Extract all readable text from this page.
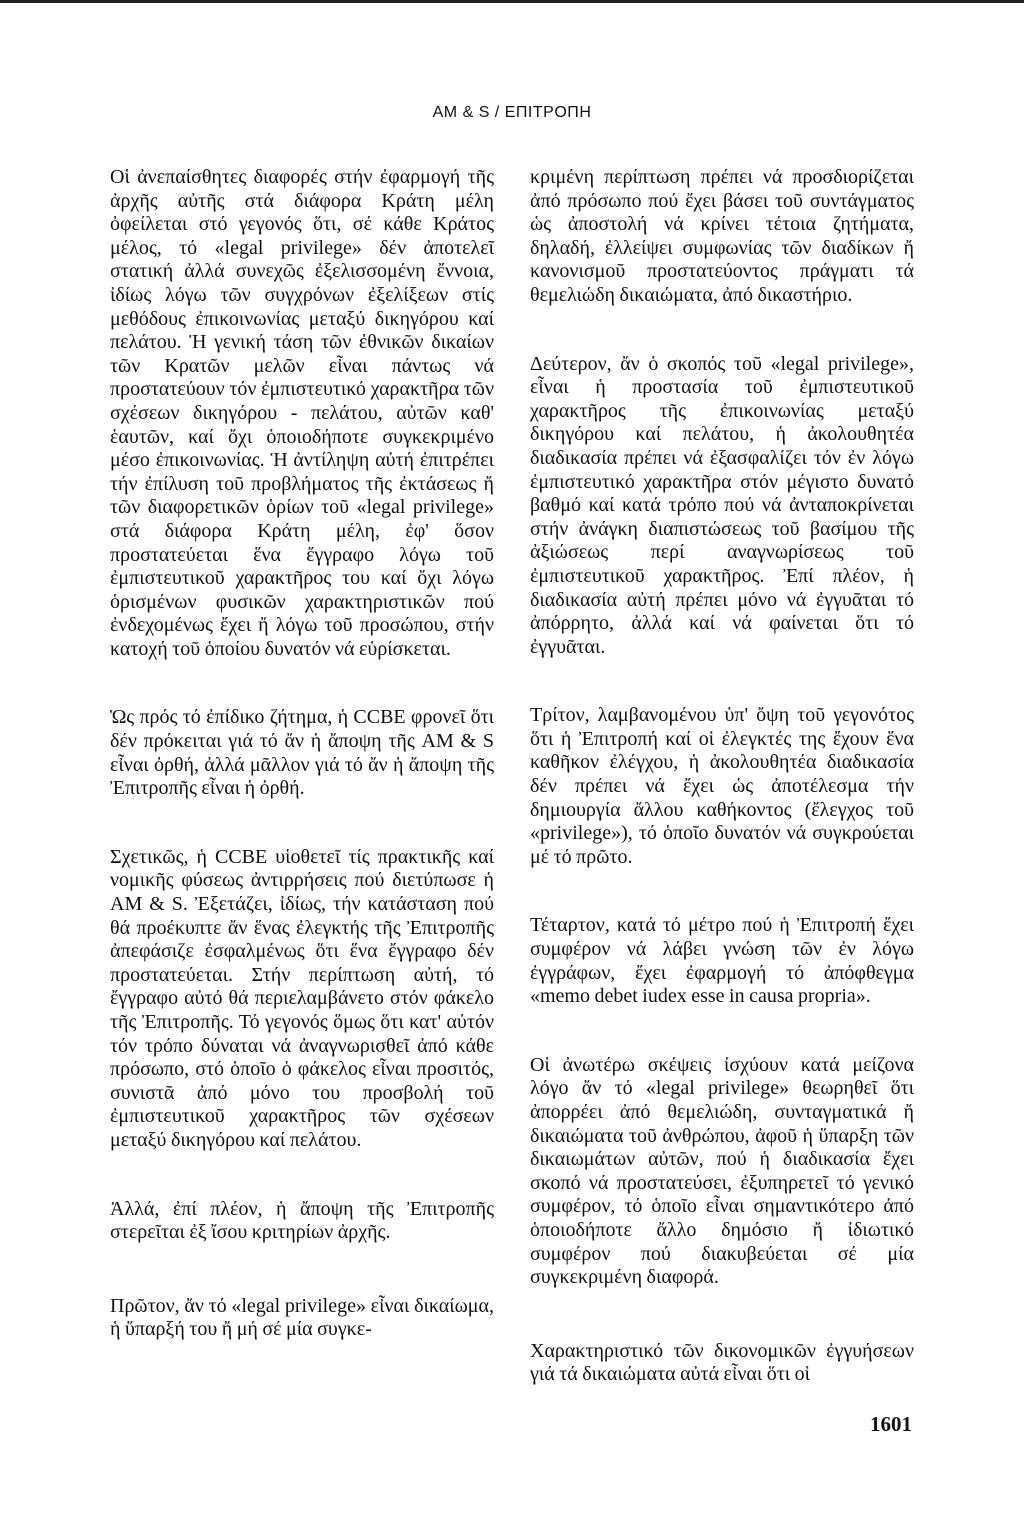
AM & S / ΕΠΙΤΡΟΠΗ

Οἱ ἀνεπαίσθητες διαφορές στήν ἐφαρμογή τῆς ἀρχῆς αὐτῆς στά διάφορα Κράτη μέλη ὀφείλεται στό γεγονός ὅτι, σέ κάθε Κράτος μέλος, τό «legal privilege» δέν ἀποτελεῖ στατική ἀλλά συνεχῶς ἐξελισσομένη ἔννοια, ἰδίως λόγω τῶν συγχρόνων ἐξελίξεων στίς μεθόδους ἐπικοινωνίας μεταξύ δικηγόρου καί πελάτου. Ἡ γενική τάση τῶν ἐθνικῶν δικαίων τῶν Κρατῶν μελῶν εἶναι πάντως νά προστατεύουν τόν ἐμπιστευτικό χαρακτῆρα τῶν σχέσεων δικηγόρου - πελάτου, αὐτῶν καθ' ἑαυτῶν, καί ὄχι ὁποιοδήποτε συγκεκριμένο μέσο ἐπικοινωνίας. Ἡ ἀντίληψη αὐτή ἐπιτρέπει τήν ἐπίλυση τοῦ προβλήματος τῆς ἐκτάσεως ἤ τῶν διαφορετικῶν ὁρίων τοῦ «legal privilege» στά διάφορα Κράτη μέλη, ἐφ' ὅσον προστατεύεται ἕνα ἔγγραφο λόγω τοῦ ἐμπιστευτικοῦ χαρακτῆρος του καί ὄχι λόγω ὁρισμένων φυσικῶν χαρακτηριστικῶν πού ἐνδεχομένως ἔχει ἤ λόγω τοῦ προσώπου, στήν κατοχή τοῦ ὁποίου δυνατόν νά εὑρίσκεται.

Ὡς πρός τό ἐπίδικο ζήτημα, ἡ CCBE φρονεῖ ὅτι δέν πρόκειται γιά τό ἄν ἡ ἄποψη τῆς AM & S εἶναι ὀρθή, ἀλλά μᾶλλον γιά τό ἄν ἡ ἄποψη τῆς Ἐπιτροπῆς εἶναι ἡ ὀρθή.

Σχετικῶς, ἡ CCBE υἱοθετεῖ τίς πρακτικῆς καί νομικῆς φύσεως ἀντιρρήσεις πού διετύπωσε ἡ AM & S. Ἐξετάζει, ἰδίως, τήν κατάσταση πού θά προέκυπτε ἄν ἕνας ἐλεγκτής τῆς Ἐπιτροπῆς ἀπεφάσιζε ἐσφαλμένως ὅτι ἕνα ἔγγραφο δέν προστατεύεται. Στήν περίπτωση αὐτή, τό ἔγγραφο αὐτό θά περιελαμβάνετο στόν φάκελο τῆς Ἐπιτροπῆς. Τό γεγονός ὅμως ὅτι κατ' αὐτόν τόν τρόπο δύναται νά ἀναγνωρισθεῖ ἀπό κάθε πρόσωπο, στό ὁποῖο ὁ φάκελος εἶναι προσιτός, συνιστᾶ ἀπό μόνο του προσβολή τοῦ ἐμπιστευτικοῦ χαρακτῆρος τῶν σχέσεων μεταξύ δικηγόρου καί πελάτου.

Ἀλλά, ἐπί πλέον, ἡ ἄποψη τῆς Ἐπιτροπῆς στερεῖται ἐξ ἴσου κριτηρίων ἀρχῆς.

Πρῶτον, ἄν τό «legal privilege» εἶναι δικαίωμα, ἡ ὕπαρξή του ἤ μή σέ μία συγκε-

κριμένη περίπτωση πρέπει νά προσδιορίζεται ἀπό πρόσωπο πού ἔχει βάσει τοῦ συντάγματος ὡς ἀποστολή νά κρίνει τέτοια ζητήματα, δηλαδή, ἐλλείψει συμφωνίας τῶν διαδίκων ἤ κανονισμοῦ προστατεύοντος πράγματι τά θεμελιώδη δικαιώματα, ἀπό δικαστήριο.

Δεύτερον, ἄν ὁ σκοπός τοῦ «legal privilege», εἶναι ἡ προστασία τοῦ ἐμπιστευτικοῦ χαρακτῆρος τῆς ἐπικοινωνίας μεταξύ δικηγόρου καί πελάτου, ἡ ἀκολουθητέα διαδικασία πρέπει νά ἐξασφαλίζει τόν ἐν λόγω ἐμπιστευτικό χαρακτῆρα στόν μέγιστο δυνατό βαθμό καί κατά τρόπο πού νά ἀνταποκρίνεται στήν ἀνάγκη διαπιστώσεως τοῦ βασίμου τῆς ἀξιώσεως περί αναγνωρίσεως τοῦ ἐμπιστευτικοῦ χαρακτῆρος. Ἐπί πλέον, ἡ διαδικασία αὐτή πρέπει μόνο νά ἐγγυᾶται τό ἀπόρρητο, ἀλλά καί νά φαίνεται ὅτι τό ἐγγυᾶται.

Τρίτον, λαμβανομένου ὑπ' ὄψη τοῦ γεγονότος ὅτι ἡ Ἐπιτροπή καί οἱ ἐλεγκτές της ἔχουν ἕνα καθῆκον ἐλέγχου, ἡ ἀκολουθητέα διαδικασία δέν πρέπει νά ἔχει ὡς ἀποτέλεσμα τήν δημιουργία ἄλλου καθήκοντος (ἔλεγχος τοῦ «privilege»), τό ὁποῖο δυνατόν νά συγκρούεται μέ τό πρῶτο.

Τέταρτον, κατά τό μέτρο πού ἡ Ἐπιτροπή ἔχει συμφέρον νά λάβει γνώση τῶν ἐν λόγω ἐγγράφων, ἔχει ἐφαρμογή τό ἀπόφθεγμα «memo debet iudex esse in causa propria».

Οἱ ἀνωτέρω σκέψεις ἰσχύουν κατά μείζονα λόγο ἄν τό «legal privilege» θεωρηθεῖ ὅτι ἀπορρέει ἀπό θεμελιώδη, συνταγματικά ἤ δικαιώματα τοῦ ἀνθρώπου, ἀφοῦ ἡ ὕπαρξη τῶν δικαιωμάτων αὐτῶν, πού ἡ διαδικασία ἔχει σκοπό νά προστατεύσει, ἐξυπηρετεῖ τό γενικό συμφέρον, τό ὁποῖο εἶναι σημαντικότερο ἀπό ὁποιοδήποτε ἄλλο δημόσιο ἤ ἰδιωτικό συμφέρον πού διακυβεύεται σέ μία συγκεκριμένη διαφορά.

Χαρακτηριστικό τῶν δικονομικῶν ἐγγυήσεων γιά τά δικαιώματα αὐτά εἶναι ὅτι οἱ

1601
